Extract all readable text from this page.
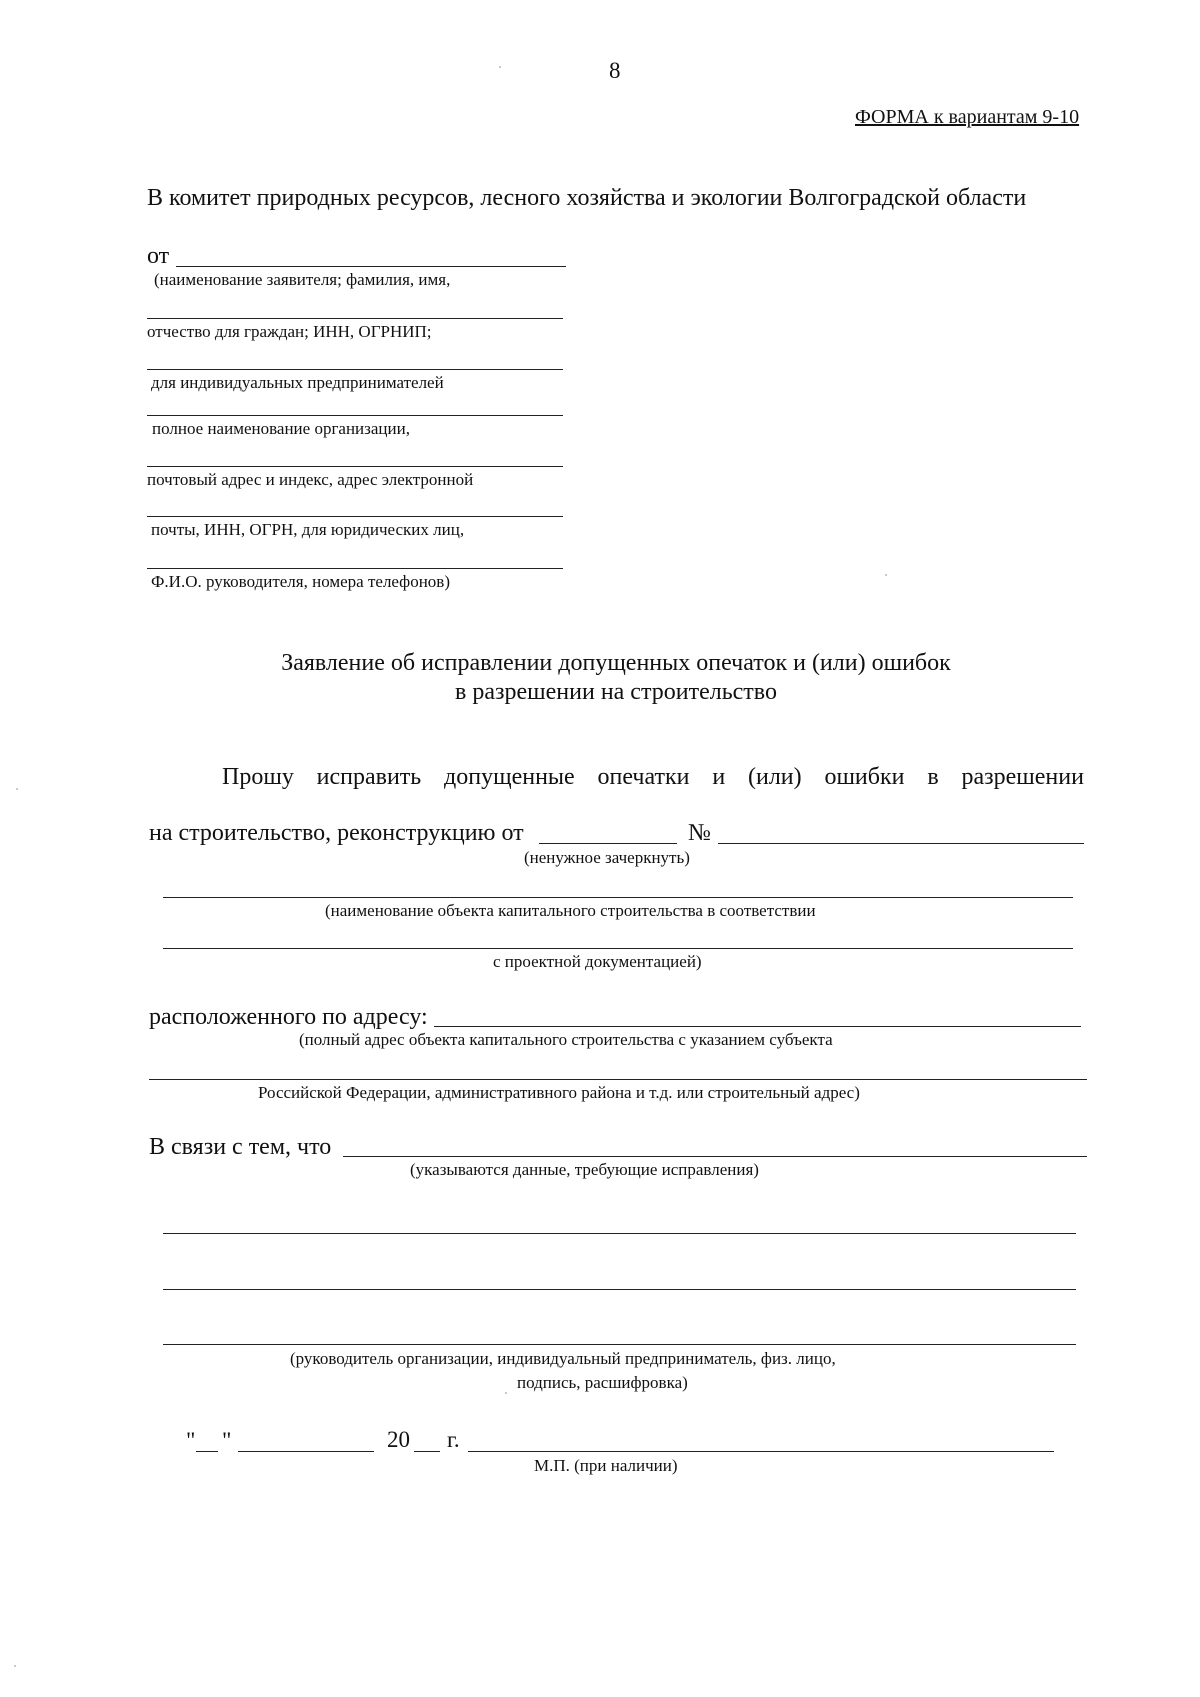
8
ФОРМА к вариантам 9-10
В комитет природных ресурсов, лесного хозяйства и экологии Волгоградской области
от
(наименование заявителя; фамилия, имя,
отчество для граждан; ИНН, ОГРНИП;
для индивидуальных предпринимателей
полное наименование организации,
почтовый адрес и индекс, адрес электронной
почты, ИНН, ОГРН, для юридических лиц,
Ф.И.О. руководителя, номера телефонов)
Заявление об исправлении допущенных опечаток и (или) ошибок
в разрешении на строительство
Прошу исправить допущенные опечатки и (или) ошибки в разрешении
на строительство, реконструкцию от	№
(ненужное зачеркнуть)
(наименование объекта капитального строительства в соответствии
с проектной документацией)
расположенного по адресу:
(полный адрес объекта капитального строительства с указанием субъекта
Российской Федерации, административного района и т.д. или строительный адрес)
В связи с тем, что
(указываются данные, требующие исправления)
(руководитель организации, индивидуальный предприниматель, физ. лицо,
подпись, расшифровка)
" "	20 г.
М.П. (при наличии)
